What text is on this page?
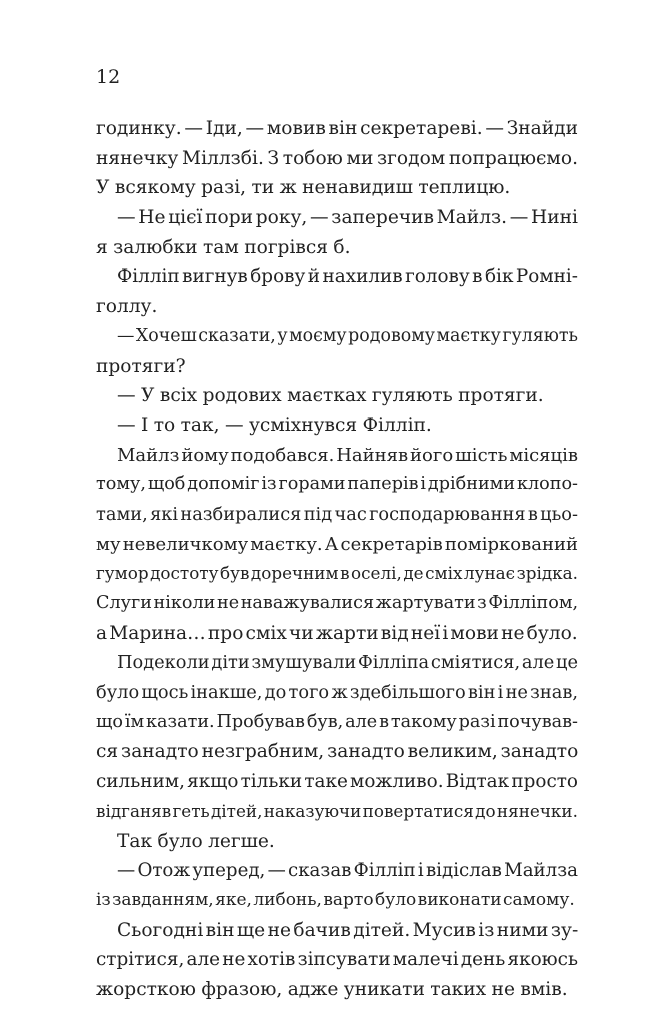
12
годинку. — Іди, — мовив він секретареві. — Знайди
нянечку Міллзбі. З тобою ми згодом попрацюємо.
У всякому разі, ти ж ненавидиш теплицю.
— Не цієї пори року, — заперечив Майлз. — Нині
я залюбки там погрівся б.
Філліп вигнув брову й нахилив голову в бік Ромні-
голлу.
— Хочеш сказати, у моєму родовому маєтку гуляють
протяги?
— У всіх родових маєтках гуляють протяги.
— І то так, — усміхнувся Філліп.
Майлз йому подобався. Найняв його шість місяців
тому, щоб допоміг із горами паперів і дрібними клопо-
тами, які назбиралися під час господарювання в цьо-
му невеличкому маєтку. А секретарів поміркований
гумор достоту був доречним в оселі, де сміх лунає зрідка.
Слуги ніколи не наважувалися жартувати з Філліпом,
а Марина… про сміх чи жарти від неї і мови не було.
Подеколи діти змушували Філліпа сміятися, але це
було щось інакше, до того ж здебільшого він і не знав,
що їм казати. Пробував був, але в такому разі почував-
ся занадто незграбним, занадто великим, занадто
сильним, якщо тільки таке можливо. Відтак просто
відганяв геть дітей, наказуючи повертатися до нянечки.
Так було легше.
— Отож уперед, — сказав Філліп і відіслав Майлза
із завданням, яке, либонь, варто було виконати самому.
Сьогодні він ще не бачив дітей. Мусив із ними зу-
стрітися, але не хотів зіпсувати малечі день якоюсь
жорсткою фразою, адже уникати таких не вмів.
